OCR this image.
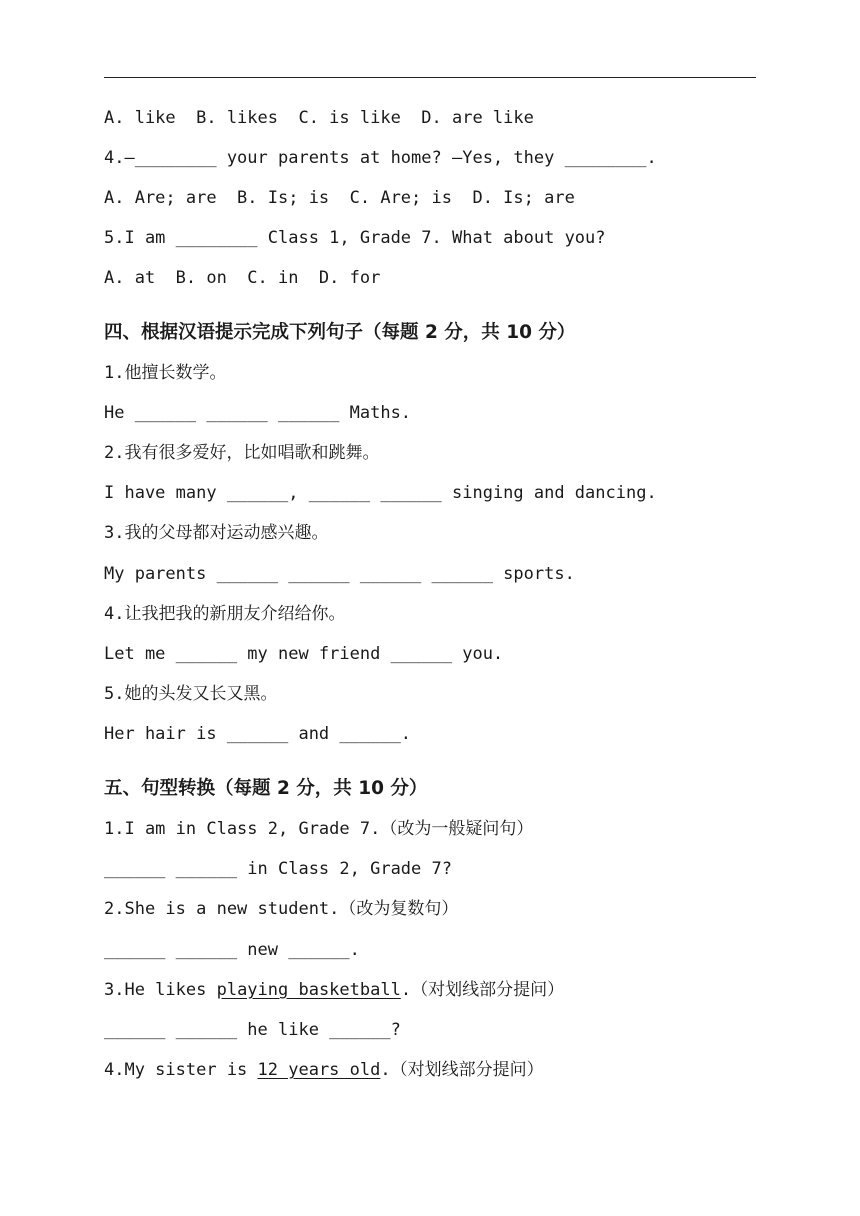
A. like  B. likes  C. is like  D. are like
4.—________ your parents at home? —Yes, they ________.
A. Are; are  B. Is; is  C. Are; is  D. Is; are
5.I am ________ Class 1, Grade 7. What about you?
A. at  B. on  C. in  D. for
四、根据汉语提示完成下列句子（每题 2 分，共 10 分）
1.他擅长数学。
He ______ ______ ______ Maths.
2.我有很多爱好，比如唱歌和跳舞。
I have many ______, ______ ______ singing and dancing.
3.我的父母都对运动感兴趣。
My parents ______ ______ ______ ______ sports.
4.让我把我的新朋友介绍给你。
Let me ______ my new friend ______ you.
5.她的头发又长又黑。
Her hair is ______ and ______.
五、句型转换（每题 2 分，共 10 分）
1.I am in Class 2, Grade 7.（改为一般疑问句）
______ ______ in Class 2, Grade 7?
2.She is a new student.（改为复数句）
______ ______ new ______.
3.He likes playing basketball.（对划线部分提问）
______ ______ he like ______?
4.My sister is 12 years old.（对划线部分提问）
